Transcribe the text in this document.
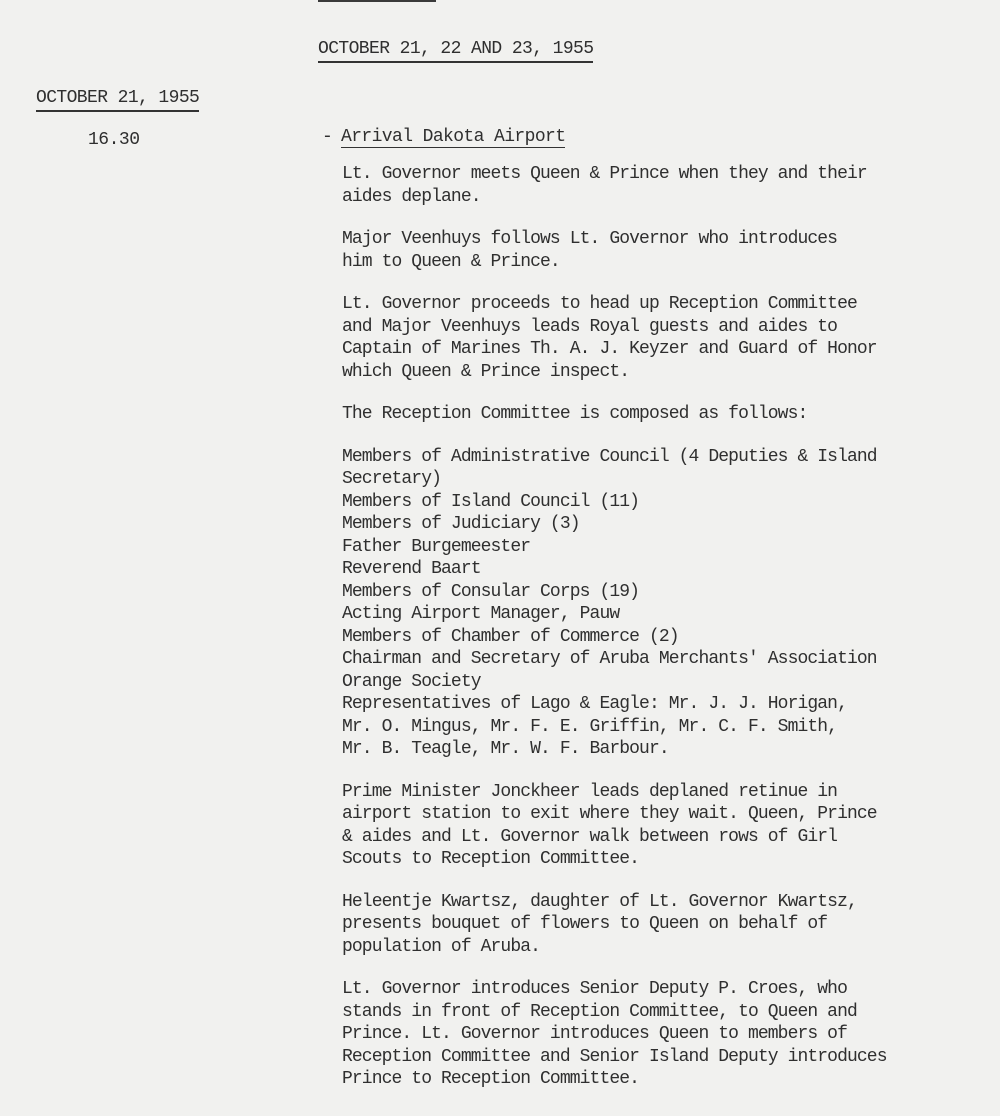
OCTOBER 21, 22 AND 23, 1955
OCTOBER 21, 1955
16.30	- Arrival Dakota Airport
Lt. Governor meets Queen & Prince when they and their
aides deplane.
Major Veenhuys follows Lt. Governor who introduces
him to Queen & Prince.
Lt. Governor proceeds to head up Reception Committee
and Major Veenhuys leads Royal guests and aides to
Captain of Marines Th. A. J. Keyzer and Guard of Honor
which Queen & Prince inspect.
The Reception Committee is composed as follows:
Members of Administrative Council (4 Deputies & Island
Secretary)
Members of Island Council (11)
Members of Judiciary (3)
Father Burgemeester
Reverend Baart
Members of Consular Corps (19)
Acting Airport Manager, Pauw
Members of Chamber of Commerce (2)
Chairman and Secretary of Aruba Merchants' Association
Orange Society
Representatives of Lago & Eagle: Mr. J. J. Horigan,
Mr. O. Mingus, Mr. F. E. Griffin, Mr. C. F. Smith,
Mr. B. Teagle, Mr. W. F. Barbour.
Prime Minister Jonckheer leads deplaned retinue in
airport station to exit where they wait. Queen, Prince
& aides and Lt. Governor walk between rows of Girl
Scouts to Reception Committee.
Heleentje Kwartsz, daughter of Lt. Governor Kwartsz,
presents bouquet of flowers to Queen on behalf of
population of Aruba.
Lt. Governor introduces Senior Deputy P. Croes, who
stands in front of Reception Committee, to Queen and
Prince. Lt. Governor introduces Queen to members of
Reception Committee and Senior Island Deputy introduces
Prince to Reception Committee.
